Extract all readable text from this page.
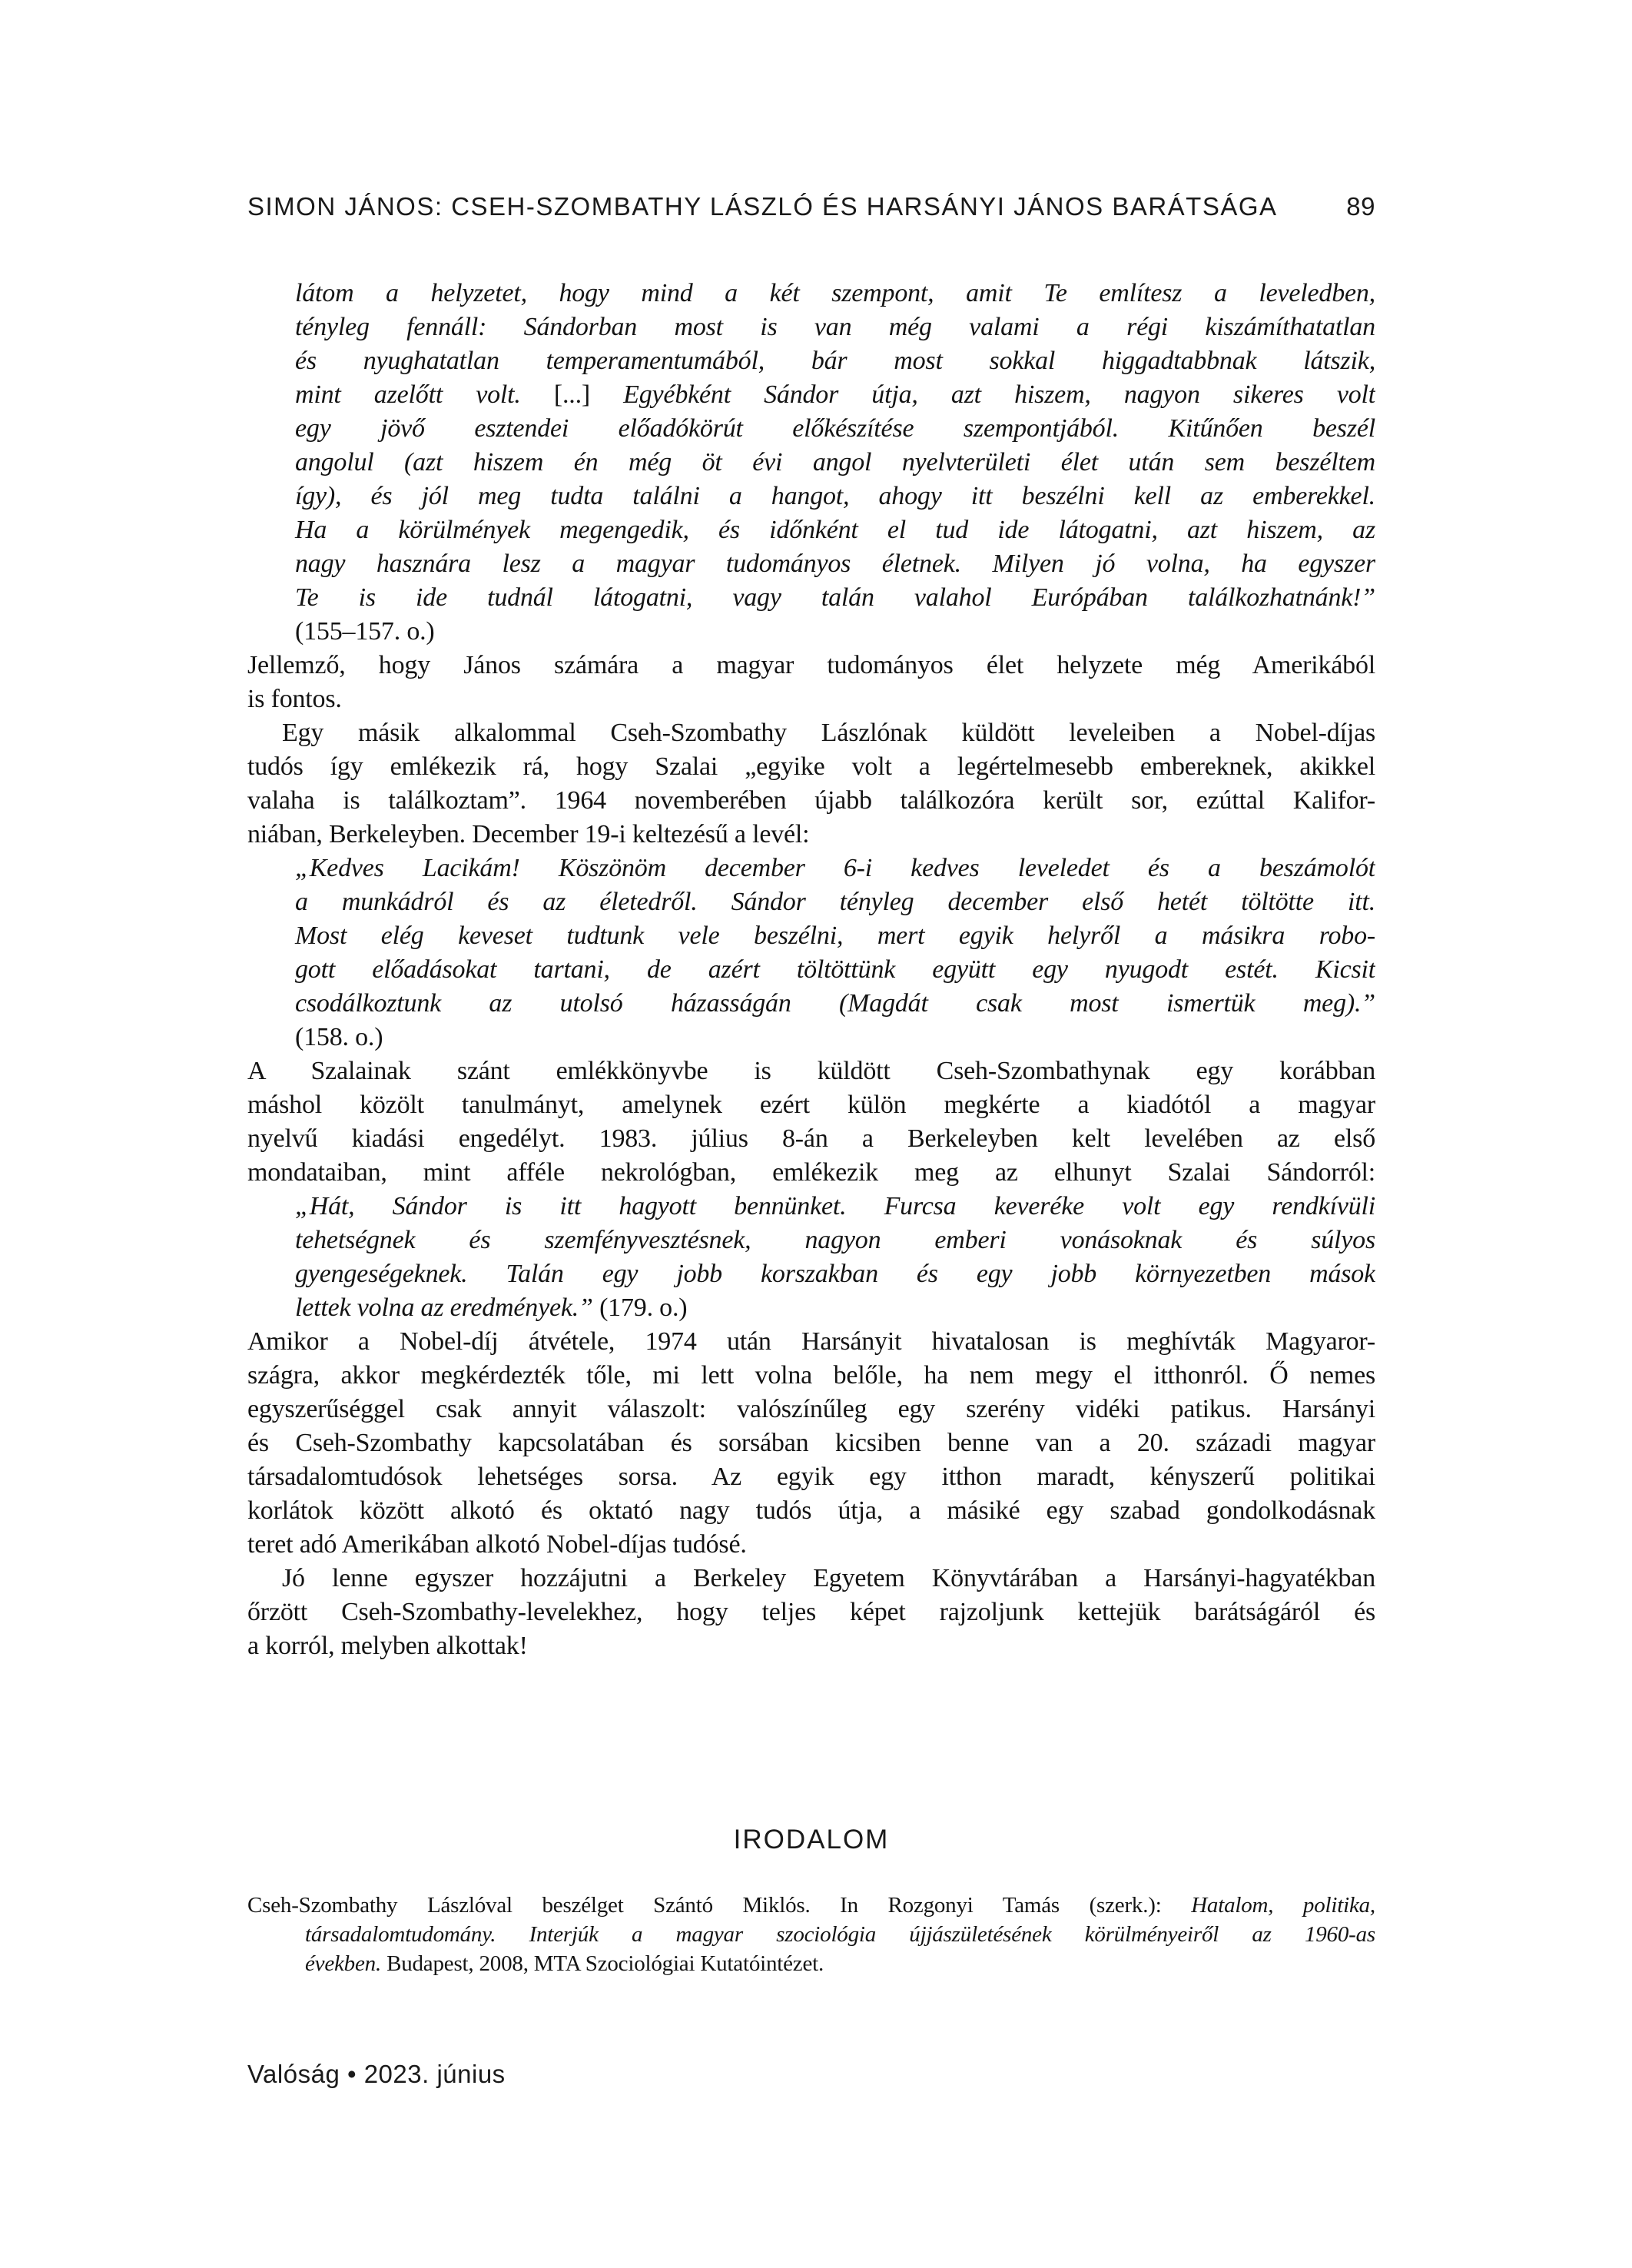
SIMON JÁNOS: CSEH-SZOMBATHY LÁSZLÓ ÉS HARSÁNYI JÁNOS BARÁTSÁGA	89
látom a helyzetet, hogy mind a két szempont, amit Te említesz a leveledben,
tényleg fennáll: Sándorban most is van még valami a régi kiszámíthatatlan
és nyughatatlan temperamentumából, bár most sokkal higgadtabbnak látszik,
mint azelőtt volt. [...] Egyébként Sándor útja, azt hiszem, nagyon sikeres volt
egy jövő esztendei előadókörút előkészítése szempontjából. Kitűnően beszél
angolul (azt hiszem én még öt évi angol nyelvterületi élet után sem beszéltem
így), és jól meg tudta találni a hangot, ahogy itt beszélni kell az emberekkel.
Ha a körülmények megengedik, és időnként el tud ide látogatni, azt hiszem, az
nagy hasznára lesz a magyar tudományos életnek. Milyen jó volna, ha egyszer
Te is ide tudnál látogatni, vagy talán valahol Európában találkozhatnánk!”
(155–157. o.)
Jellemző, hogy János számára a magyar tudományos élet helyzete még Amerikából
is fontos.
Egy másik alkalommal Cseh-Szombathy Lászlónak küldött leveleiben a Nobel-díjas
tudós így emlékezik rá, hogy Szalai „egyike volt a legértelmesebb embereknek, akikkel
valaha is találkoztam”. 1964 novemberében újabb találkozóra került sor, ezúttal Kalifor-
niában, Berkeleyben. December 19-i keltezésű a levél:
„Kedves Lacikám! Köszönöm december 6-i kedves leveledet és a beszámolót
a munkádról és az életedről. Sándor tényleg december első hetét töltötte itt.
Most elég keveset tudtunk vele beszélni, mert egyik helyről a másikra robo-
gott előadásokat tartani, de azért töltöttünk együtt egy nyugodt estét. Kicsit
csodálkoztunk az utolsó házasságán (Magdát csak most ismertük meg).”
(158. o.)
A Szalainak szánt emlékkönyvbe is küldött Cseh-Szombathynak egy korábban
máshol közölt tanulmányt, amelynek ezért külön megkérte a kiadótól a magyar
nyelvű kiadási engedélyt. 1983. július 8-án a Berkeleyben kelt levelében az első
mondataiban, mint afféle nekrológban, emlékezik meg az elhunyt Szalai Sándorról:
„Hát, Sándor is itt hagyott bennünket. Furcsa keveréke volt egy rendkívüli
tehetségnek és szemfényvesztésnek, nagyon emberi vonásoknak és súlyos
gyengeségeknek. Talán egy jobb korszakban és egy jobb környezetben mások
lettek volna az eredmények.” (179. o.)
Amikor a Nobel-díj átvétele, 1974 után Harsányit hivatalosan is meghívták Magyaror-
szágra, akkor megkérdezték tőle, mi lett volna belőle, ha nem megy el itthonról. Ő nemes
egyszerűséggel csak annyit válaszolt: valószínűleg egy szerény vidéki patikus. Harsányi
és Cseh-Szombathy kapcsolatában és sorsában kicsiben benne van a 20. századi magyar
társadalomtudósok lehetséges sorsa. Az egyik egy itthon maradt, kényszerű politikai
korlátok között alkotó és oktató nagy tudós útja, a másiké egy szabad gondolkodásnak
teret adó Amerikában alkotó Nobel-díjas tudósé.
Jó lenne egyszer hozzájutni a Berkeley Egyetem Könyvtárában a Harsányi-hagyatékban
őrzött Cseh-Szombathy-levelekhez, hogy teljes képet rajzoljunk kettejük barátságáról és
a korról, melyben alkottak!
IRODALOM
Cseh-Szombathy Lászlóval beszélget Szántó Miklós. In Rozgonyi Tamás (szerk.): Hatalom, politika,
társadalomtudomány. Interjúk a magyar szociológia újjászületésének körülményeiről az 1960-as
években. Budapest, 2008, MTA Szociológiai Kutatóintézet.
Valóság • 2023. június
